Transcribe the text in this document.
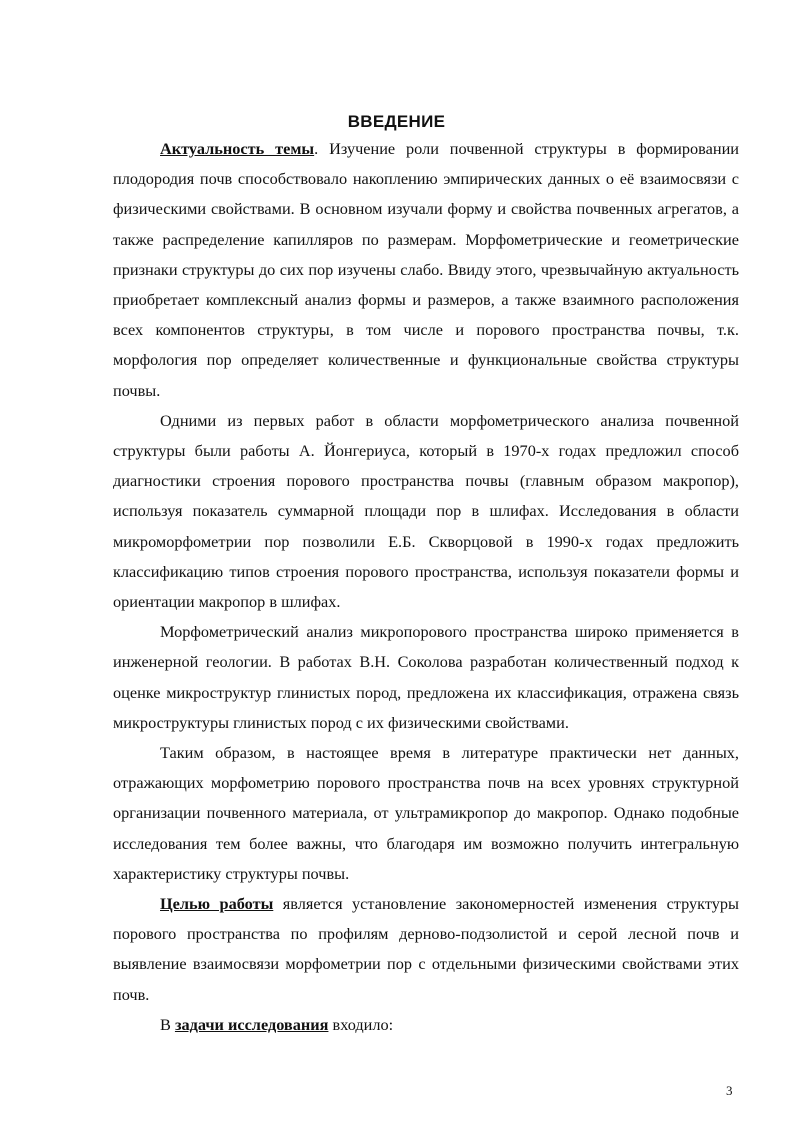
ВВЕДЕНИЕ

Актуальность темы. Изучение роли почвенной структуры в формировании плодородия почв способствовало накоплению эмпирических данных о её взаимосвязи с физическими свойствами. В основном изучали форму и свойства почвенных агрегатов, а также распределение капилляров по размерам. Морфометрические и геометрические признаки структуры до сих пор изучены слабо. Ввиду этого, чрезвычайную актуальность приобретает комплексный анализ формы и размеров, а также взаимного расположения всех компонентов структуры, в том числе и порового пространства почвы, т.к. морфология пор определяет количественные и функциональные свойства структуры почвы.

Одними из первых работ в области морфометрического анализа почвенной структуры были работы А. Йонгериуса, который в 1970-х годах предложил способ диагностики строения порового пространства почвы (главным образом макропор), используя показатель суммарной площади пор в шлифах. Исследования в области микроморфометрии пор позволили Е.Б. Скворцовой в 1990-х годах предложить классификацию типов строения порового пространства, используя показатели формы и ориентации макропор в шлифах.

Морфометрический анализ микропорового пространства широко применяется в инженерной геологии. В работах В.Н. Соколова разработан количественный подход к оценке микроструктур глинистых пород, предложена их классификация, отражена связь микроструктуры глинистых пород с их физическими свойствами.

Таким образом, в настоящее время в литературе практически нет данных, отражающих морфометрию порового пространства почв на всех уровнях структурной организации почвенного материала, от ультрамикропор до макропор. Однако подобные исследования тем более важны, что благодаря им возможно получить интегральную характеристику структуры почвы.

Целью работы является установление закономерностей изменения структуры порового пространства по профилям дерново-подзолистой и серой лесной почв и выявление взаимосвязи морфометрии пор с отдельными физическими свойствами этих почв.

В задачи исследования входило:

3
